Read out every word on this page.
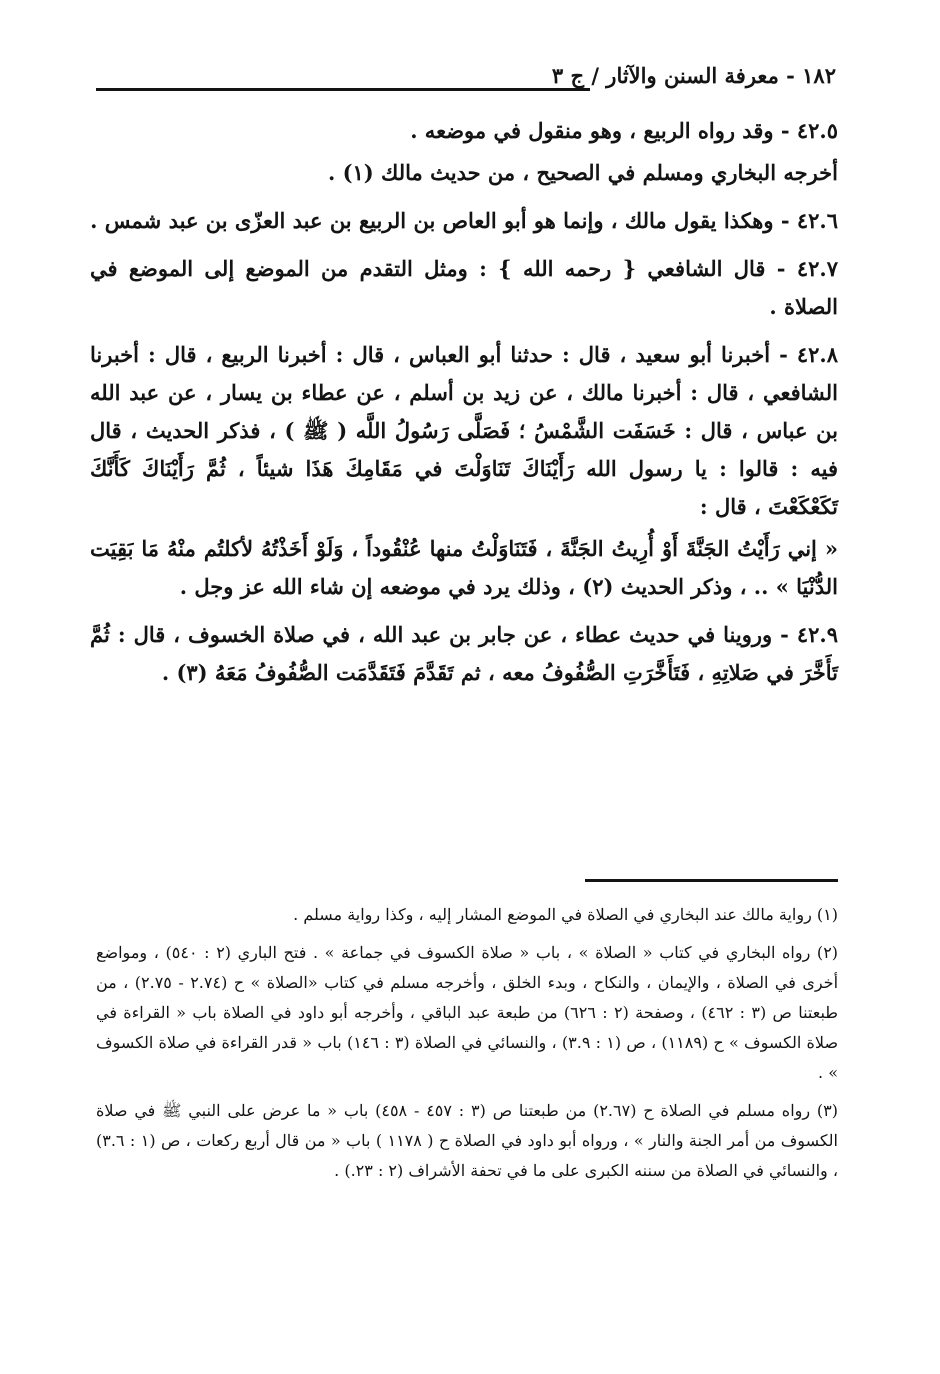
١٨٢ - معرفة السنن والآثار / ج ٣

٤٢.٥ - وقد رواه الربيع ، وهو منقول في موضعه .

أخرجه البخاري ومسلم في الصحيح ، من حديث مالك (١) .

٤٢.٦ - وهكذا يقول مالك ، وإنما هو أبو العاص بن الربيع بن عبد العزّى بن عبد شمس .

٤٢.٧ - قال الشافعي { رحمه الله } : ومثل التقدم من الموضع إلى الموضع في الصلاة .

٤٢.٨ - أخبرنا أبو سعيد ، قال : حدثنا أبو العباس ، قال : أخبرنا الربيع ، قال : أخبرنا الشافعي ، قال : أخبرنا مالك ، عن زيد بن أسلم ، عن عطاء بن يسار ، عن عبد الله بن عباس ، قال : خَسَفَت الشَّمْسُ ؛ فَصَلَّى رَسُولُ اللَّه ( ﷺ ) ، فذكر الحديث ، قال فيه : قالوا : يا رسول الله رَأَيْنَاكَ تَنَاوَلْتَ في مَقَامِكَ هَذَا شيئاً ، ثُمَّ رَأَيْنَاكَ كَأَنَّكَ تَكَعْكَعْتَ ، قال :

« إني رَأَيْتُ الجَنَّةَ أَوْ أُرِيتُ الجَنَّةَ ، فَتَنَاوَلْتُ منها عُنْقُوداً ، وَلَوْ أَخَذْتُهُ لأكلتُم منْهُ مَا بَقِيَت الدُّنْيَا » .. ، وذكر الحديث (٢) ، وذلك يرد في موضعه إن شاء الله عز وجل .

٤٢.٩ - وروينا في حديث عطاء ، عن جابر بن عبد الله ، في صلاة الخسوف ، قال : ثُمَّ تَأَخَّرَ في صَلاتِهِ ، فَتَأَخَّرَتِ الصُّفُوفُ معه ، ثم تَقَدَّمَ فَتَقَدَّمَت الصُّفُوفُ مَعَهُ (٣) .

(١) رواية مالك عند البخاري في الصلاة في الموضع المشار إليه ، وكذا رواية مسلم .

(٢) رواه البخاري في كتاب « الصلاة » ، باب « صلاة الكسوف في جماعة » . فتح الباري (٢ : ٥٤٠) ، ومواضع أخرى في الصلاة ، والإيمان ، والنكاح ، وبدء الخلق ، وأخرجه مسلم في كتاب «الصلاة » ح (٢.٧٤ - ٢.٧٥) ، من طبعتنا ص (٣ : ٤٦٢) ، وصفحة (٢ : ٦٢٦) من طبعة عبد الباقي ، وأخرجه أبو داود في الصلاة باب « القراءة في صلاة الكسوف » ح (١١٨٩) ، ص (١ : ٣.٩) ، والنسائي في الصلاة (٣ : ١٤٦) باب « قدر القراءة في صلاة الكسوف » .

(٣) رواه مسلم في الصلاة ح (٢.٦٧) من طبعتنا ص (٣ : ٤٥٧ - ٤٥٨) باب « ما عرض على النبي ﷺ في صلاة الكسوف من أمر الجنة والنار » ، ورواه أبو داود في الصلاة ح ( ١١٧٨ ) باب « من قال أربع ركعات ، ص (١ : ٣.٦) ، والنسائي في الصلاة من سننه الكبرى على ما في تحفة الأشراف (٢ : ٢٣.) .
